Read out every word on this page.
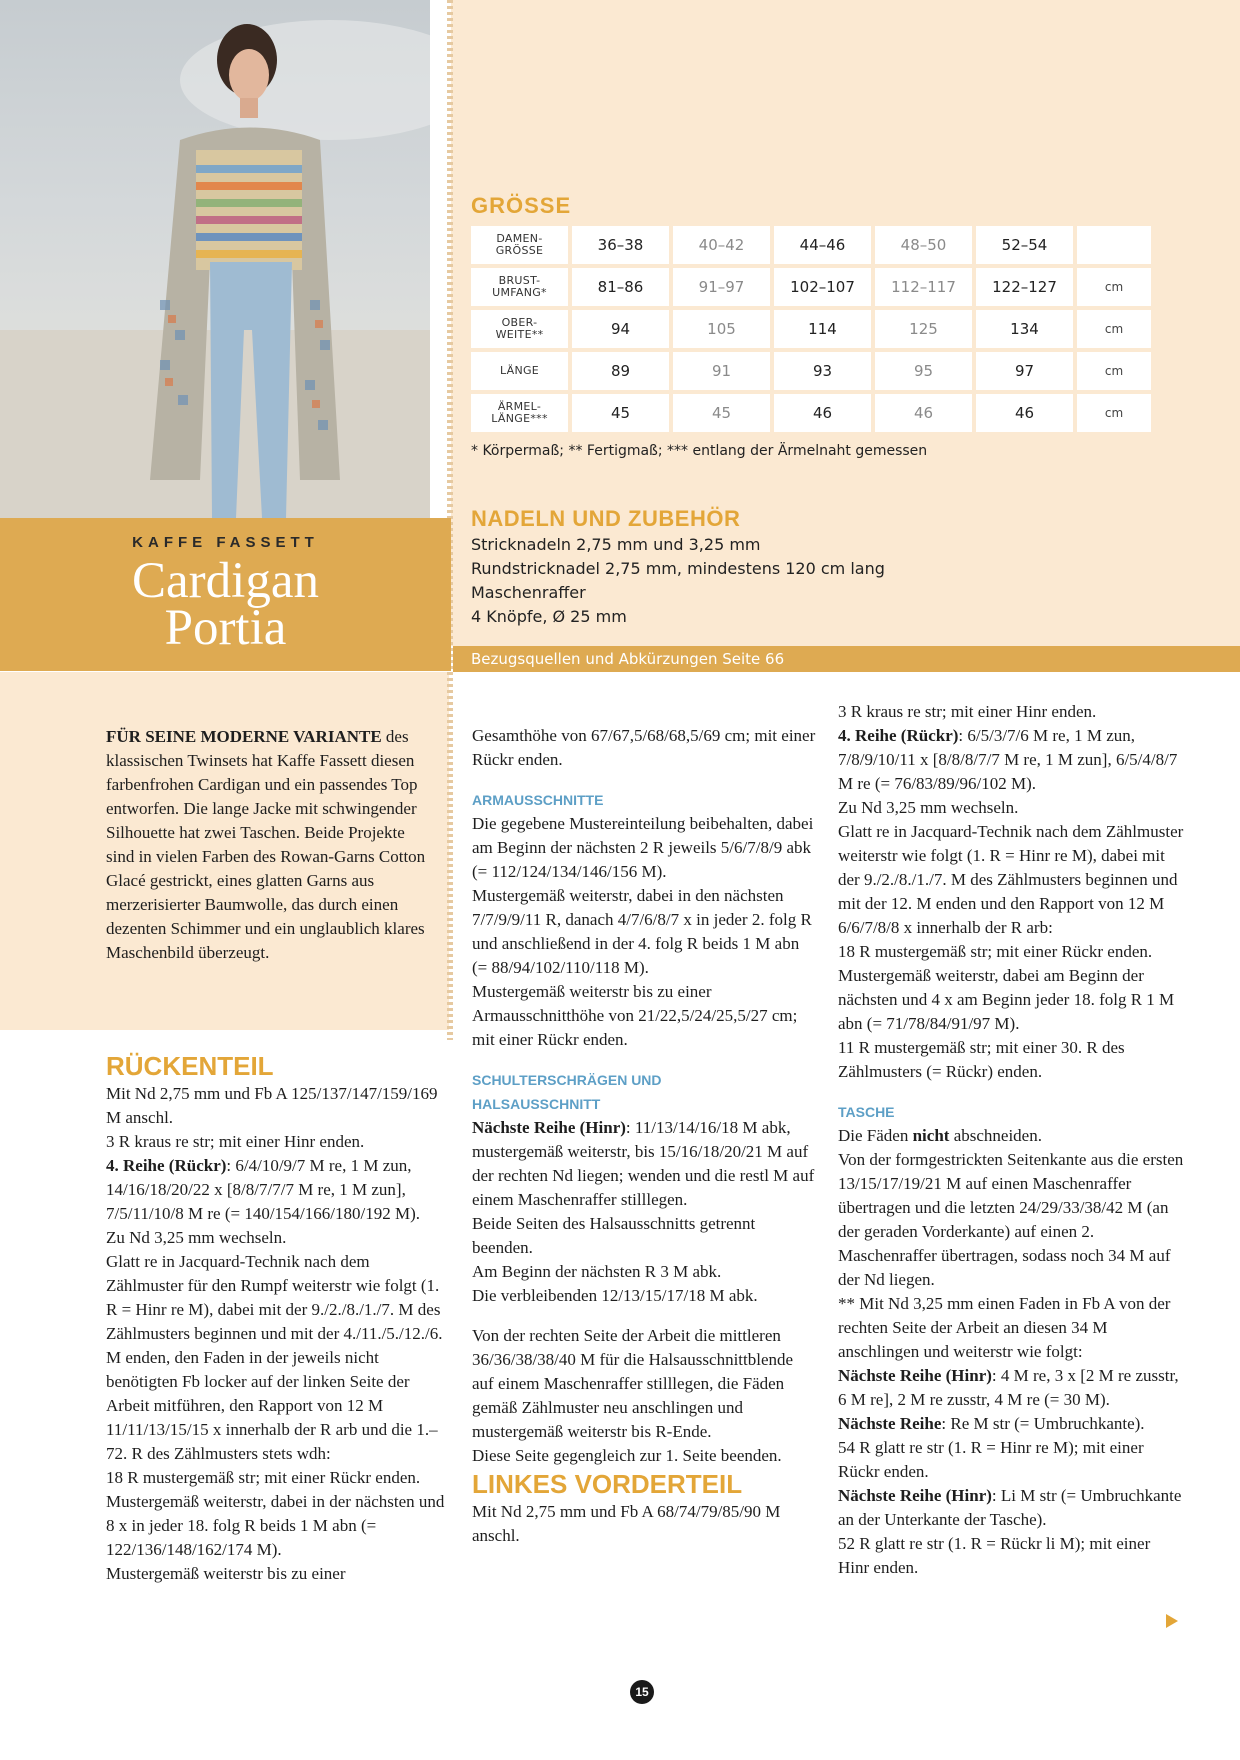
KAFFE FASSETT
Cardigan
Portia
GRÖSSE
DAMEN-
GRÖSSE	36–38	40–42	44–46	48–50	52–54
BRUST-
UMFANG*	81–86	91–97	102–107	112–117	122–127	cm
OBER-
WEITE**	94	105	114	125	134	cm
LÄNGE	89	91	93	95	97	cm
ÄRMEL-
LÄNGE***	45	45	46	46	46	cm
* Körpermaß; ** Fertigmaß; *** entlang der Ärmelnaht gemessen
NADELN UND ZUBEHÖR
Stricknadeln 2,75 mm und 3,25 mm
Rundstricknadel 2,75 mm, mindestens 120 cm lang
Maschenraffer
4 Knöpfe, Ø 25 mm
Bezugsquellen und Abkürzungen Seite 66

FÜR SEINE MODERNE VARIANTE des klassischen Twinsets hat Kaffe Fassett diesen farbenfrohen Cardigan und ein passendes Top entworfen. Die lange Jacke mit schwingender Silhouette hat zwei Taschen. Beide Projekte sind in vielen Farben des Rowan-Garns Cotton Glacé gestrickt, eines glatten Garns aus merzerisierter Baumwolle, das durch einen dezenten Schimmer und ein unglaublich klares Maschenbild überzeugt.

RÜCKENTEIL

Mit Nd 2,75 mm und Fb A 125/137/147/159/169 M anschl.

3 R kraus re str; mit einer Hinr enden.

4. Reihe (Rückr): 6/4/10/9/7 M re, 1 M zun, 14/16/18/20/22 x [8/8/7/7/7 M re, 1 M zun], 7/5/11/10/8 M re (= 140/154/166/180/192 M).

Zu Nd 3,25 mm wechseln.

Glatt re in Jacquard-Technik nach dem Zählmuster für den Rumpf weiterstr wie folgt (1. R = Hinr re M), dabei mit der 9./2./8./1./7. M des Zählmusters beginnen und mit der 4./11./5./12./6. M enden, den Faden in der jeweils nicht benötigten Fb locker auf der linken Seite der Arbeit mitführen, den Rapport von 12 M 11/11/13/15/15 x innerhalb der R arb und die 1.–72. R des Zählmusters stets wdh:

18 R mustergemäß str; mit einer Rückr enden.

Mustergemäß weiterstr, dabei in der nächsten und 8 x in jeder 18. folg R beids 1 M abn (= 122/136/148/162/174 M).

Mustergemäß weiterstr bis zu einer

Gesamthöhe von 67/67,5/68/68,5/69 cm; mit einer Rückr enden.

ARMAUSSCHNITTE

Die gegebene Mustereinteilung beibehalten, dabei am Beginn der nächsten 2 R jeweils 5/6/7/8/9 abk (= 112/124/134/146/156 M).

Mustergemäß weiterstr, dabei in den nächsten 7/7/9/9/11 R, danach 4/7/6/8/7 x in jeder 2. folg R und anschließend in der 4. folg R beids 1 M abn (= 88/94/102/110/118 M).

Mustergemäß weiterstr bis zu einer Armausschnitthöhe von 21/22,5/24/25,5/27 cm; mit einer Rückr enden.

SCHULTERSCHRÄGEN UND
HALSAUSSCHNITT

Nächste Reihe (Hinr): 11/13/14/16/18 M abk, mustergemäß weiterstr, bis 15/16/18/20/21 M auf der rechten Nd liegen; wenden und die restl M auf einem Maschenraffer stilllegen.

Beide Seiten des Halsausschnitts getrennt beenden.

Am Beginn der nächsten R 3 M abk.

Die verbleibenden 12/13/15/17/18 M abk.

Von der rechten Seite der Arbeit die mittleren 36/36/38/38/40 M für die Halsausschnittblende auf einem Maschenraffer stilllegen, die Fäden gemäß Zählmuster neu anschlingen und mustergemäß weiterstr bis R-Ende.

Diese Seite gegengleich zur 1. Seite beenden.

LINKES VORDERTEIL

Mit Nd 2,75 mm und Fb A 68/74/79/85/90 M anschl.

3 R kraus re str; mit einer Hinr enden.

4. Reihe (Rückr): 6/5/3/7/6 M re, 1 M zun, 7/8/9/10/11 x [8/8/8/7/7 M re, 1 M zun], 6/5/4/8/7 M re (= 76/83/89/96/102 M).

Zu Nd 3,25 mm wechseln.

Glatt re in Jacquard-Technik nach dem Zählmuster weiterstr wie folgt (1. R = Hinr re M), dabei mit der 9./2./8./1./7. M des Zählmusters beginnen und mit der 12. M enden und den Rapport von 12 M 6/6/7/8/8 x innerhalb der R arb:

18 R mustergemäß str; mit einer Rückr enden.

Mustergemäß weiterstr, dabei am Beginn der nächsten und 4 x am Beginn jeder 18. folg R 1 M abn (= 71/78/84/91/97 M).

11 R mustergemäß str; mit einer 30. R des Zählmusters (= Rückr) enden.

TASCHE

Die Fäden nicht abschneiden.

Von der formgestrickten Seitenkante aus die ersten 13/15/17/19/21 M auf einen Maschenraffer übertragen und die letzten 24/29/33/38/42 M (an der geraden Vorderkante) auf einen 2. Maschenraffer übertragen, sodass noch 34 M auf der Nd liegen.

** Mit Nd 3,25 mm einen Faden in Fb A von der rechten Seite der Arbeit an diesen 34 M anschlingen und weiterstr wie folgt:

Nächste Reihe (Hinr): 4 M re, 3 x [2 M re zusstr, 6 M re], 2 M re zusstr, 4 M re (= 30 M).

Nächste Reihe: Re M str (= Umbruchkante).

54 R glatt re str (1. R = Hinr re M); mit einer Rückr enden.

Nächste Reihe (Hinr): Li M str (= Umbruchkante an der Unterkante der Tasche).

52 R glatt re str (1. R = Rückr li M); mit einer Hinr enden.

15
